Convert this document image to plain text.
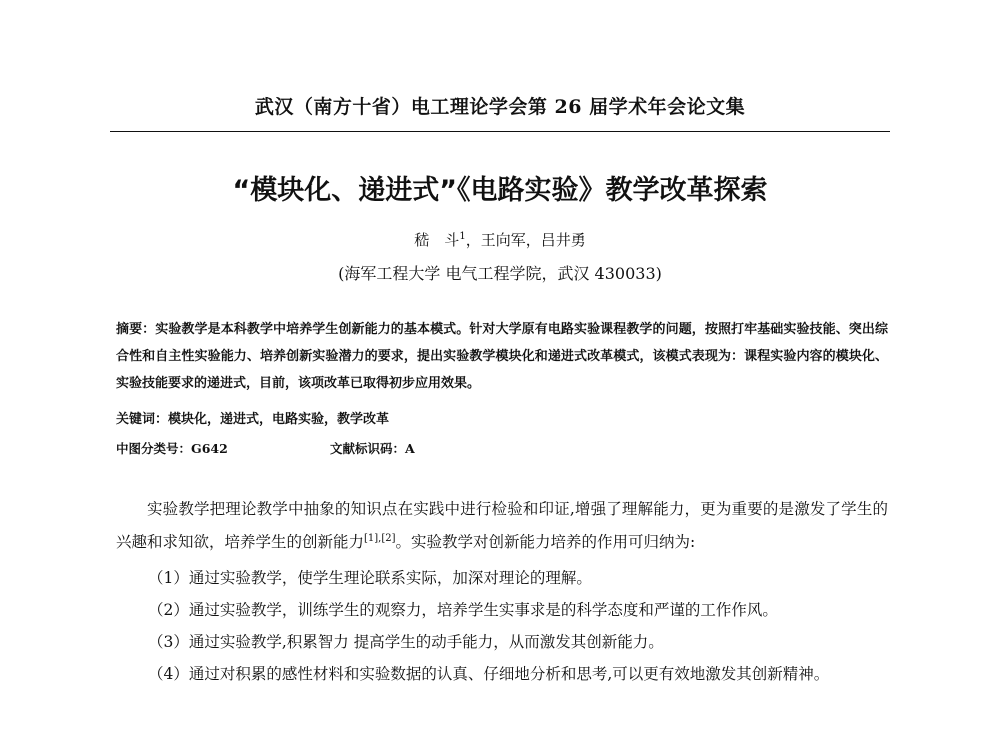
武汉（南方十省）电工理论学会第 26 届学术年会论文集
“模块化、递进式”《电路实验》教学改革探索
嵇　斗$^1$，王向军，吕井勇
(海军工程大学 电气工程学院，武汉 430033)
摘要：实验教学是本科教学中培养学生创新能力的基本模式。针对大学原有电路实验课程教学的问题，按照打牢基础实验技能、突出综合性和自主性实验能力、培养创新实验潜力的要求，提出实验教学模块化和递进式改革模式，该模式表现为：课程实验内容的模块化、实验技能要求的递进式，目前，该项改革已取得初步应用效果。
关键词：模块化，递进式，电路实验，教学改革
中图分类号：G642	文献标识码：A
实验教学把理论教学中抽象的知识点在实践中进行检验和印证,增强了理解能力，更为重要的是激发了学生的兴趣和求知欲，培养学生的创新能力[1],[2]。实验教学对创新能力培养的作用可归纳为:
（1）通过实验教学，使学生理论联系实际，加深对理论的理解。
（2）通过实验教学，训练学生的观察力，培养学生实事求是的科学态度和严谨的工作作风。
（3）通过实验教学,积累智力 提高学生的动手能力，从而激发其创新能力。
（4）通过对积累的感性材料和实验数据的认真、仔细地分析和思考,可以更有效地激发其创新精神。
